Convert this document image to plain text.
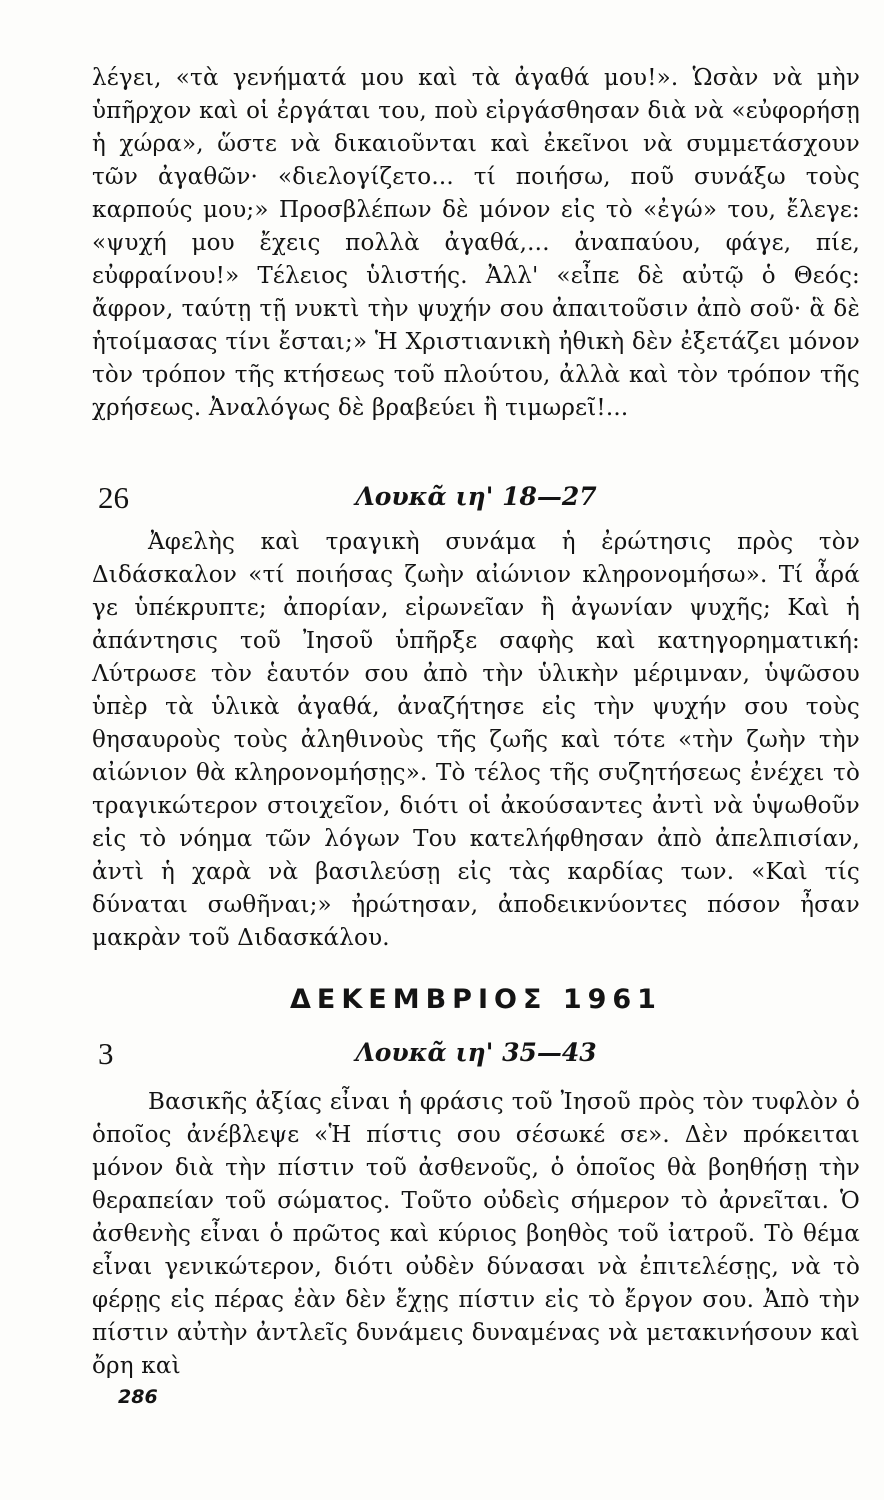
λέγει, «τὰ γενήματά μου καὶ τὰ ἀγαθά μου!». Ὡσὰν νὰ μὴν ὑπῆρχον καὶ οἱ ἐργάται του, ποὺ εἰργάσθησαν διὰ νὰ «εὐφορήσῃ ἡ χώρα», ὥστε νὰ δικαιοῦνται καὶ ἐκεῖνοι νὰ συμμετάσχουν τῶν ἀγαθῶν· «διελογίζετο... τί ποιήσω, ποῦ συνάξω τοὺς καρπούς μου;» Προσβλέπων δὲ μόνον εἰς τὸ «ἐγώ» του, ἔλεγε: «ψυχή μου ἔχεις πολλὰ ἀγαθά,... ἀναπαύου, φάγε, πίε, εὐφραίνου!» Τέλειος ὑλιστής. Ἀλλ' «εἶπε δὲ αὐτῷ ὁ Θεός: ἄφρον, ταύτῃ τῇ νυκτὶ τὴν ψυχήν σου ἀπαιτοῦσιν ἀπὸ σοῦ· ἃ δὲ ἡτοίμασας τίνι ἔσται;» Ἡ Χριστιανικὴ ἠθικὴ δὲν ἐξετάζει μόνον τὸν τρόπον τῆς κτήσεως τοῦ πλούτου, ἀλλὰ καὶ τὸν τρόπον τῆς χρήσεως. Ἀναλόγως δὲ βραβεύει ἢ τιμωρεῖ!...

26	Λουκᾶ ιη' 18—27

Ἀφελὴς καὶ τραγικὴ συνάμα ἡ ἐρώτησις πρὸς τὸν Διδάσκαλον «τί ποιήσας ζωὴν αἰώνιον κληρονομήσω». Τί ἆρά γε ὑπέκρυπτε; ἀπορίαν, εἰρωνεῖαν ἢ ἀγωνίαν ψυχῆς; Καὶ ἡ ἀπάντησις τοῦ Ἰησοῦ ὑπῆρξε σαφὴς καὶ κατηγορηματική: Λύτρωσε τὸν ἑαυτόν σου ἀπὸ τὴν ὑλικὴν μέριμναν, ὑψῶσου ὑπὲρ τὰ ὑλικὰ ἀγαθά, ἀναζήτησε εἰς τὴν ψυχήν σου τοὺς θησαυροὺς τοὺς ἀληθινοὺς τῆς ζωῆς καὶ τότε «τὴν ζωὴν τὴν αἰώνιον θὰ κληρονομήσῃς». Τὸ τέλος τῆς συζητήσεως ἐνέχει τὸ τραγικώτερον στοιχεῖον, διότι οἱ ἀκούσαντες ἀντὶ νὰ ὑψωθοῦν εἰς τὸ νόημα τῶν λόγων Του κατελήφθησαν ἀπὸ ἀπελπισίαν, ἀντὶ ἡ χαρὰ νὰ βασιλεύσῃ εἰς τὰς καρδίας των. «Καὶ τίς δύναται σωθῆναι;» ἠρώτησαν, ἀποδεικνύοντες πόσον ἦσαν μακρὰν τοῦ Διδασκάλου.

ΔΕΚΕΜΒΡΙΟΣ 1961
3	Λουκᾶ ιη' 35—43

Βασικῆς ἀξίας εἶναι ἡ φράσις τοῦ Ἰησοῦ πρὸς τὸν τυφλὸν ὁ ὁποῖος ἀνέβλεψε «Ἡ πίστις σου σέσωκέ σε». Δὲν πρόκειται μόνον διὰ τὴν πίστιν τοῦ ἀσθενοῦς, ὁ ὁποῖος θὰ βοηθήσῃ τὴν θεραπείαν τοῦ σώματος. Τοῦτο οὐδεὶς σήμερον τὸ ἀρνεῖται. Ὁ ἀσθενὴς εἶναι ὁ πρῶτος καὶ κύριος βοηθὸς τοῦ ἰατροῦ. Τὸ θέμα εἶναι γενικώτερον, διότι οὐδὲν δύνασαι νὰ ἐπιτελέσῃς, νὰ τὸ φέρῃς εἰς πέρας ἐὰν δὲν ἔχῃς πίστιν εἰς τὸ ἔργον σου. Ἀπὸ τὴν πίστιν αὐτὴν ἀντλεῖς δυνάμεις δυναμένας νὰ μετακινήσουν καὶ ὄρη καὶ

286
